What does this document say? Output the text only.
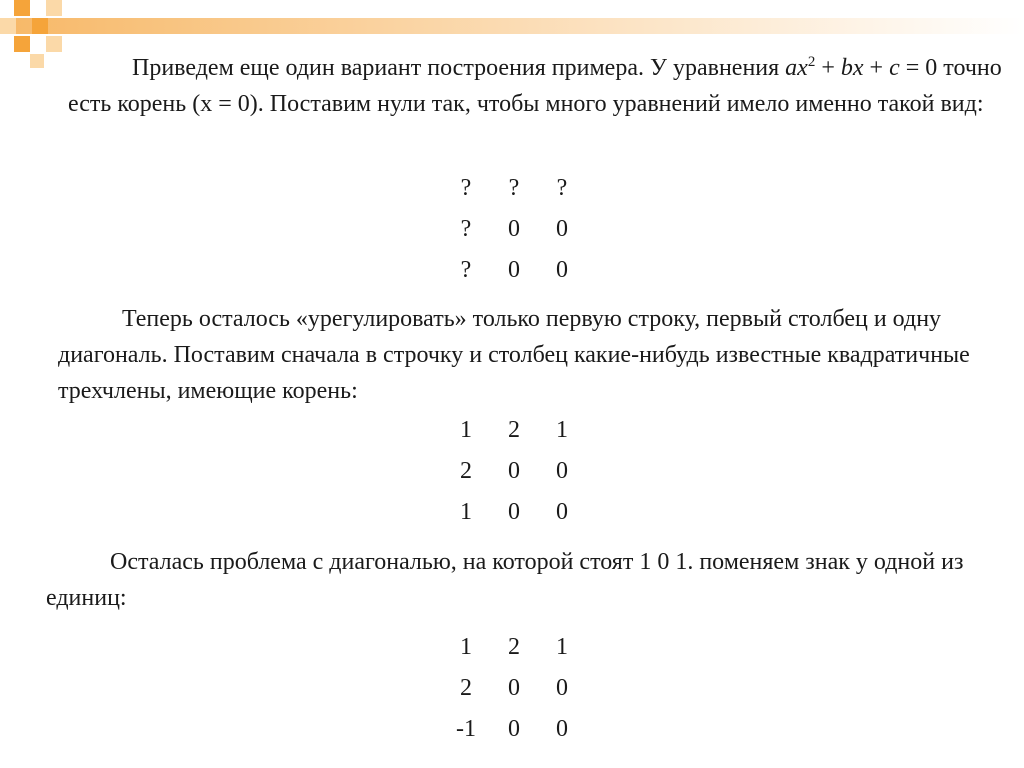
Приведем еще один вариант построения примера. У уравнения $ax^2$ + bx + c = 0 точно есть корень (x = 0). Поставим нули так, чтобы много уравнений имело именно такой вид:

?	?	?
?	0	0
?	0	0

Теперь осталось «урегулировать» только первую строку, первый столбец и одну диагональ. Поставим сначала в строчку и столбец какие-нибудь известные квадратичные трехчлены, имеющие корень:

1	2	1
2	0	0
1	0	0

Осталась проблема с диагональю, на которой стоят 1 0 1. поменяем знак у одной из единиц:

1	2	1
2	0	0
-1	0	0
